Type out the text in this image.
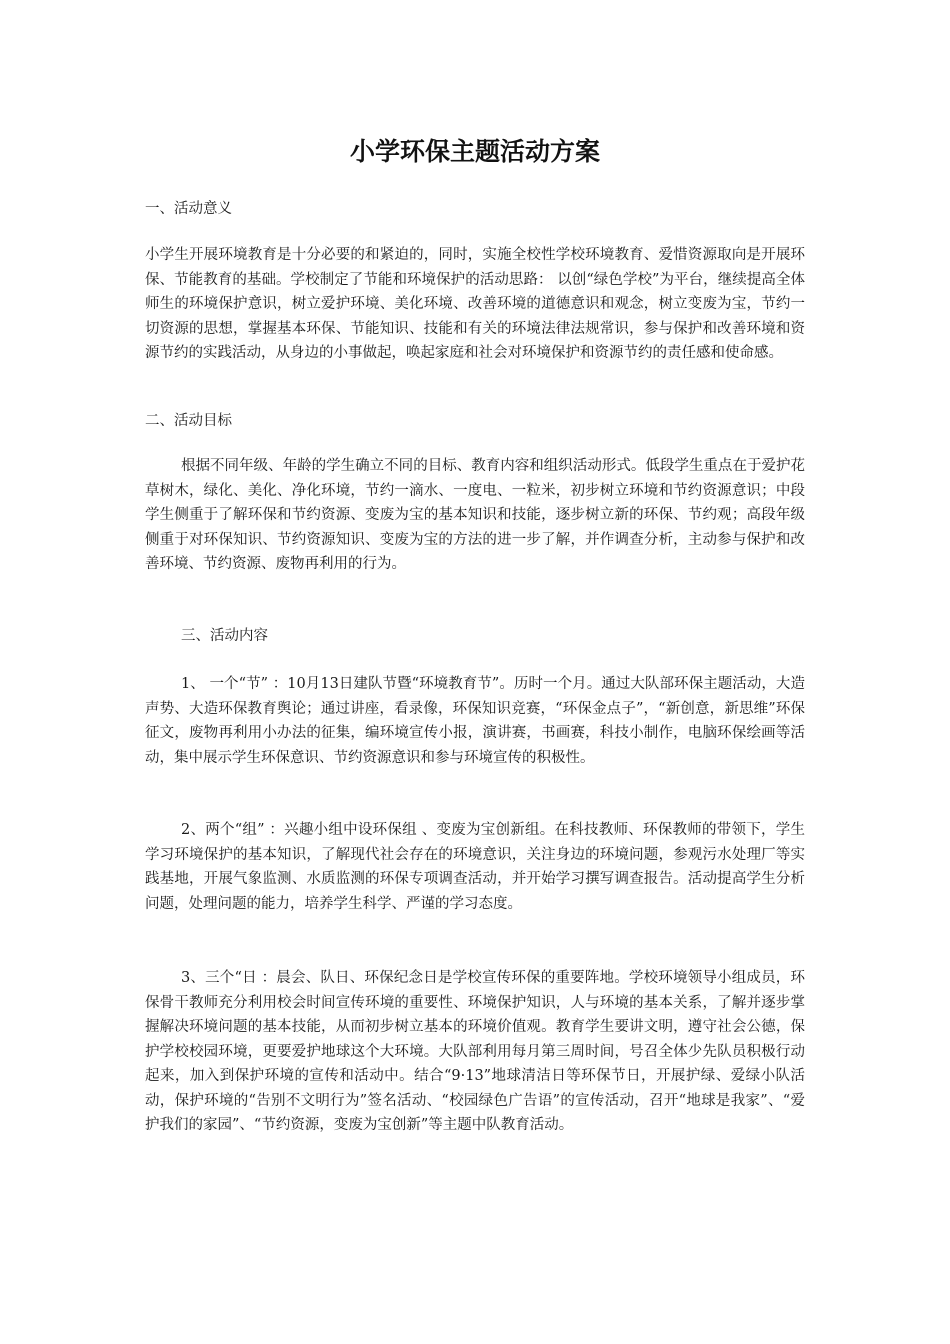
小学环保主题活动方案

一、活动意义

小学生开展环境教育是十分必要的和紧迫的，同时，实施全校性学校环境教育、爱惜资源取向是开展环保、节能教育的基础。学校制定了节能和环境保护的活动思路： 以创“绿色学校”为平台，继续提高全体师生的环境保护意识，树立爱护环境、美化环境、改善环境的道德意识和观念，树立变废为宝，节约一切资源的思想，掌握基本环保、节能知识、技能和有关的环境法律法规常识，参与保护和改善环境和资源节约的实践活动，从身边的小事做起，唤起家庭和社会对环境保护和资源节约的责任感和使命感。

二、活动目标

根据不同年级、年龄的学生确立不同的目标、教育内容和组织活动形式。低段学生重点在于爱护花草树木，绿化、美化、净化环境，节约一滴水、一度电、一粒米，初步树立环境和节约资源意识；中段学生侧重于了解环保和节约资源、变废为宝的基本知识和技能，逐步树立新的环保、节约观；高段年级侧重于对环保知识、节约资源知识、变废为宝的方法的进一步了解，并作调查分析，主动参与保护和改善环境、节约资源、废物再利用的行为。

三、活动内容

1、 一个“节” ：10月13日建队节暨“环境教育节”。历时一个月。通过大队部环保主题活动，大造声势、大造环保教育舆论；通过讲座，看录像，环保知识竞赛，“环保金点子”，“新创意，新思维”环保征文，废物再利用小办法的征集，编环境宣传小报，演讲赛，书画赛，科技小制作，电脑环保绘画等活动，集中展示学生环保意识、节约资源意识和参与环境宣传的积极性。

2、两个“组” ：兴趣小组中设环保组 、变废为宝创新组。在科技教师、环保教师的带领下，学生学习环境保护的基本知识，了解现代社会存在的环境意识，关注身边的环境问题，参观污水处理厂等实践基地，开展气象监测、水质监测的环保专项调查活动，并开始学习撰写调查报告。活动提高学生分析问题，处理问题的能力，培养学生科学、严谨的学习态度。

3、三个“日 ：晨会、队日、环保纪念日是学校宣传环保的重要阵地。学校环境领导小组成员，环保骨干教师充分利用校会时间宣传环境的重要性、环境保护知识，人与环境的基本关系，了解并逐步掌握解决环境问题的基本技能，从而初步树立基本的环境价值观。教育学生要讲文明，遵守社会公德，保护学校校园环境，更要爱护地球这个大环境。大队部利用每月第三周时间，号召全体少先队员积极行动起来，加入到保护环境的宣传和活动中。结合“9·13”地球清洁日等环保节日，开展护绿、爱绿小队活动，保护环境的“告别不文明行为”签名活动、“校园绿色广告语”的宣传活动，召开“地球是我家”、“爱护我们的家园”、“节约资源，变废为宝创新”等主题中队教育活动。
